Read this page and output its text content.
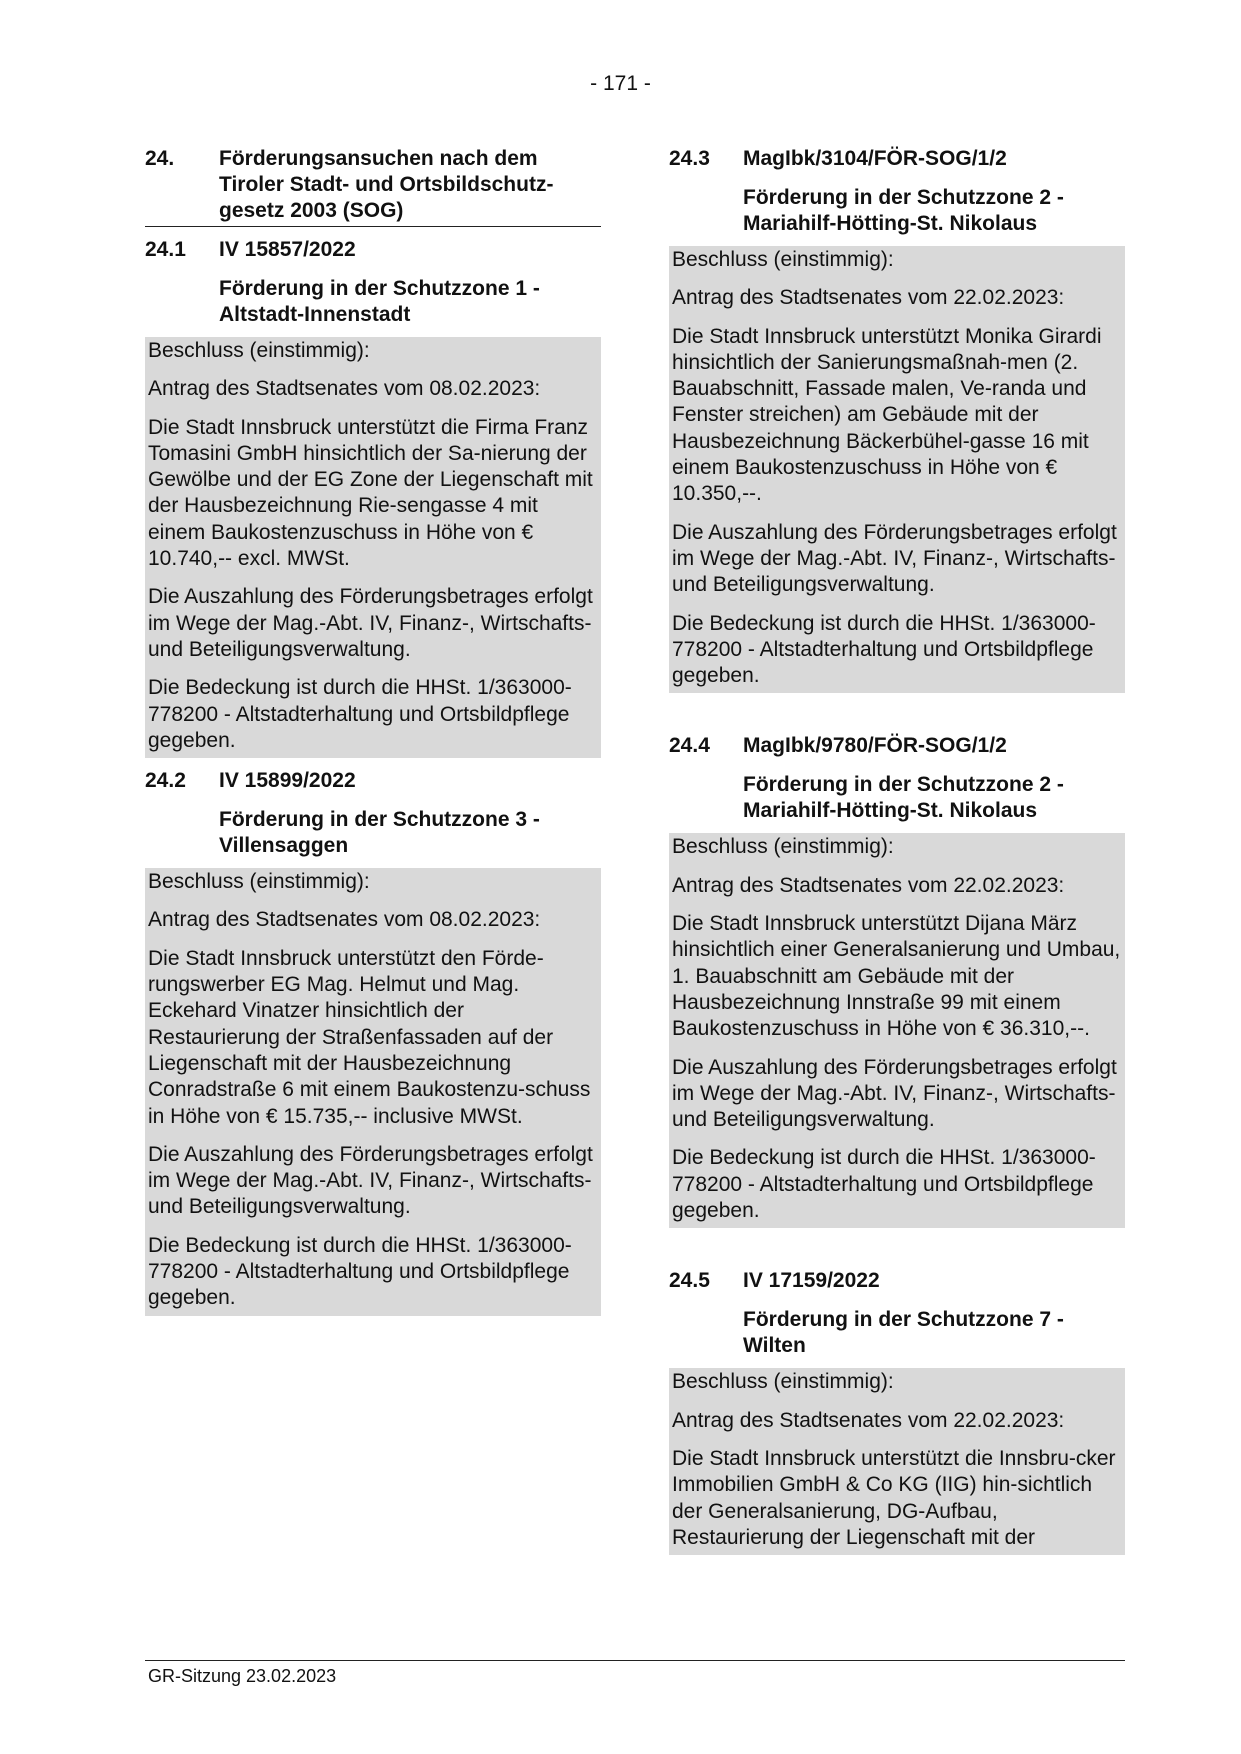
- 171 -
24.	Förderungsansuchen nach dem Tiroler Stadt- und Ortsbildschutz-gesetz 2003 (SOG)
24.1	IV 15857/2022
Förderung in der Schutzzone 1 - Altstadt-Innenstadt

Beschluss (einstimmig):

Antrag des Stadtsenates vom 08.02.2023:

Die Stadt Innsbruck unterstützt die Firma Franz Tomasini GmbH hinsichtlich der Sa-nierung der Gewölbe und der EG Zone der Liegenschaft mit der Hausbezeichnung Rie-sengasse 4 mit einem Baukostenzuschuss in Höhe von € 10.740,-- excl. MWSt.

Die Auszahlung des Förderungsbetrages erfolgt im Wege der Mag.-Abt. IV, Finanz-, Wirtschafts- und Beteiligungsverwaltung.

Die Bedeckung ist durch die HHSt. 1/363000-778200 - Altstadterhaltung und Ortsbildpflege gegeben.

24.2	IV 15899/2022
Förderung in der Schutzzone 3 - Villensaggen

Beschluss (einstimmig):

Antrag des Stadtsenates vom 08.02.2023:

Die Stadt Innsbruck unterstützt den Förde-rungswerber EG Mag. Helmut und Mag. Eckehard Vinatzer hinsichtlich der Restaurierung der Straßenfassaden auf der Liegenschaft mit der Hausbezeichnung Conradstraße 6 mit einem Baukostenzu-schuss in Höhe von € 15.735,-- inclusive MWSt.

Die Auszahlung des Förderungsbetrages erfolgt im Wege der Mag.-Abt. IV, Finanz-, Wirtschafts- und Beteiligungsverwaltung.

Die Bedeckung ist durch die HHSt. 1/363000-778200 - Altstadterhaltung und Ortsbildpflege gegeben.

24.3	MagIbk/3104/FÖR-SOG/1/2
Förderung in der Schutzzone 2 - Mariahilf-Hötting-St. Nikolaus

Beschluss (einstimmig):

Antrag des Stadtsenates vom 22.02.2023:

Die Stadt Innsbruck unterstützt Monika Girardi hinsichtlich der Sanierungsmaßnah-men (2. Bauabschnitt, Fassade malen, Ve-randa und Fenster streichen) am Gebäude mit der Hausbezeichnung Bäckerbühel-gasse 16 mit einem Baukostenzuschuss in Höhe von € 10.350,--.

Die Auszahlung des Förderungsbetrages erfolgt im Wege der Mag.-Abt. IV, Finanz-, Wirtschafts- und Beteiligungsverwaltung.

Die Bedeckung ist durch die HHSt. 1/363000-778200 - Altstadterhaltung und Ortsbildpflege gegeben.

24.4	MagIbk/9780/FÖR-SOG/1/2
Förderung in der Schutzzone 2 - Mariahilf-Hötting-St. Nikolaus

Beschluss (einstimmig):

Antrag des Stadtsenates vom 22.02.2023:

Die Stadt Innsbruck unterstützt Dijana März hinsichtlich einer Generalsanierung und Umbau, 1. Bauabschnitt am Gebäude mit der Hausbezeichnung Innstraße 99 mit einem Baukostenzuschuss in Höhe von € 36.310,--.

Die Auszahlung des Förderungsbetrages erfolgt im Wege der Mag.-Abt. IV, Finanz-, Wirtschafts- und Beteiligungsverwaltung.

Die Bedeckung ist durch die HHSt. 1/363000-778200 - Altstadterhaltung und Ortsbildpflege gegeben.

24.5	IV 17159/2022
Förderung in der Schutzzone 7 - Wilten

Beschluss (einstimmig):

Antrag des Stadtsenates vom 22.02.2023:

Die Stadt Innsbruck unterstützt die Innsbru-cker Immobilien GmbH & Co KG (IIG) hin-sichtlich der Generalsanierung, DG-Aufbau, Restaurierung der Liegenschaft mit der

GR-Sitzung 23.02.2023
